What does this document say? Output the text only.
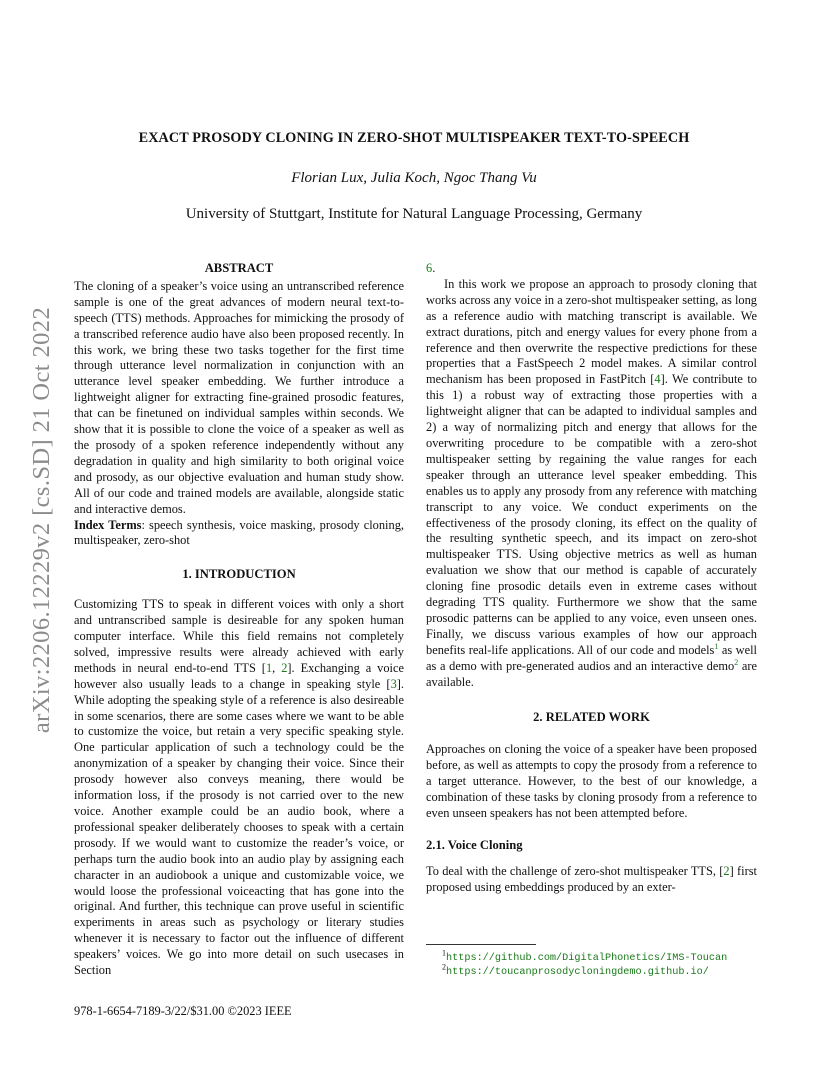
arXiv:2206.12229v2 [cs.SD] 21 Oct 2022
EXACT PROSODY CLONING IN ZERO-SHOT MULTISPEAKER TEXT-TO-SPEECH
Florian Lux, Julia Koch, Ngoc Thang Vu
University of Stuttgart, Institute for Natural Language Processing, Germany

ABSTRACT

The cloning of a speaker’s voice using an untranscribed reference sample is one of the great advances of modern neural text-to-speech (TTS) methods. Approaches for mimicking the prosody of a transcribed reference audio have also been proposed recently. In this work, we bring these two tasks together for the first time through utterance level normalization in conjunction with an utterance level speaker embedding. We further introduce a lightweight aligner for extracting fine-grained prosodic features, that can be finetuned on individual samples within seconds. We show that it is possible to clone the voice of a speaker as well as the prosody of a spoken reference independently without any degradation in quality and high similarity to both original voice and prosody, as our objective evaluation and human study show. All of our code and trained models are available, alongside static and interactive demos.

Index Terms: speech synthesis, voice masking, prosody cloning, multispeaker, zero-shot

1. INTRODUCTION

Customizing TTS to speak in different voices with only a short and untranscribed sample is desireable for any spoken human computer interface. While this field remains not completely solved, impressive results were already achieved with early methods in neural end-to-end TTS [1, 2]. Exchanging a voice however also usually leads to a change in speaking style [3]. While adopting the speaking style of a reference is also desireable in some scenarios, there are some cases where we want to be able to customize the voice, but retain a very specific speaking style. One particular application of such a technology could be the anonymization of a speaker by changing their voice. Since their prosody however also conveys meaning, there would be information loss, if the prosody is not carried over to the new voice. Another example could be an audio book, where a professional speaker deliberately chooses to speak with a certain prosody. If we would want to customize the reader’s voice, or perhaps turn the audio book into an audio play by assigning each character in an audiobook a unique and customizable voice, we would loose the professional voiceacting that has gone into the original. And further, this technique can prove useful in scientific experiments in areas such as psychology or literary studies whenever it is necessary to factor out the influence of different speakers’ voices. We go into more detail on such usecases in Section

6.

In this work we propose an approach to prosody cloning that works across any voice in a zero-shot multispeaker setting, as long as a reference audio with matching transcript is available. We extract durations, pitch and energy values for every phone from a reference and then overwrite the respective predictions for these properties that a FastSpeech 2 model makes. A similar control mechanism has been proposed in FastPitch [4]. We contribute to this 1) a robust way of extracting those properties with a lightweight aligner that can be adapted to individual samples and 2) a way of normalizing pitch and energy that allows for the overwriting procedure to be compatible with a zero-shot multispeaker setting by regaining the value ranges for each speaker through an utterance level speaker embedding. This enables us to apply any prosody from any reference with matching transcript to any voice. We conduct experiments on the effectiveness of the prosody cloning, its effect on the quality of the resulting synthetic speech, and its impact on zero-shot multispeaker TTS. Using objective metrics as well as human evaluation we show that our method is capable of accurately cloning fine prosodic details even in extreme cases without degrading TTS quality. Furthermore we show that the same prosodic patterns can be applied to any voice, even unseen ones. Finally, we discuss various examples of how our approach benefits real-life applications. All of our code and models$^1$ as well as a demo with pre-generated audios and an interactive demo$^2$ are available.

2. RELATED WORK

Approaches on cloning the voice of a speaker have been proposed before, as well as attempts to copy the prosody from a reference to a target utterance. However, to the best of our knowledge, a combination of these tasks by cloning prosody from a reference to even unseen speakers has not been attempted before.

2.1. Voice Cloning

To deal with the challenge of zero-shot multispeaker TTS, [2] first proposed using embeddings produced by an exter-

$^1$https://github.com/DigitalPhonetics/IMS-Toucan
$^2$https://toucanprosodycloningdemo.github.io/
978-1-6654-7189-3/22/$31.00 ©2023 IEEE
